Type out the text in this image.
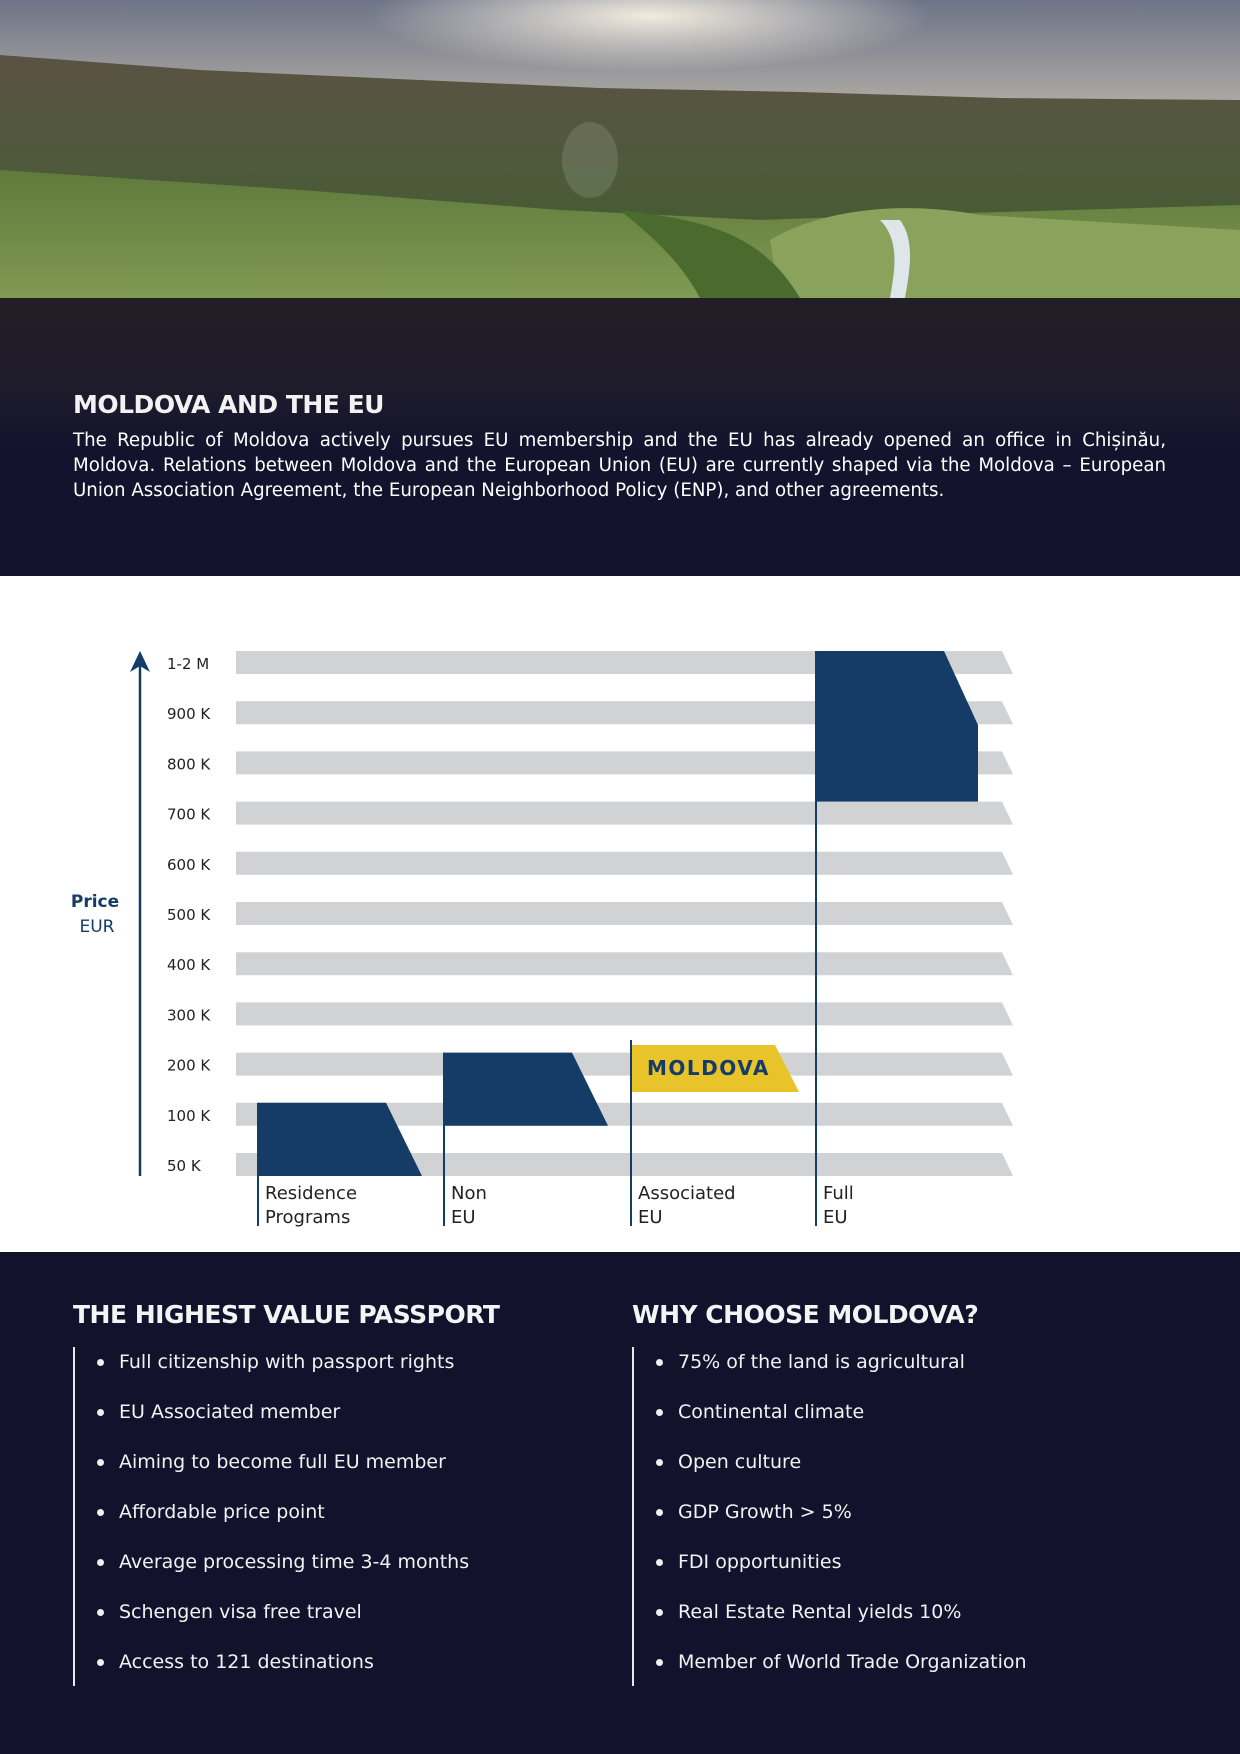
MOLDOVA AND THE EU

The Republic of Moldova actively pursues EU membership and the EU has already opened an office in Chișinău, Moldova. Relations between Moldova and the European Union (EU) are currently shaped via the Moldova – European Union Association Agreement, the European Neighborhood Policy (ENP), and other agreements.

Price
EUR
50 K
100 K
200 K
300 K
400 K
500 K
600 K
700 K
800 K
900 K
1-2 M
MOLDOVA
Residence
Programs
Non
EU
Associated
EU
Full
EU
THE HIGHEST VALUE PASSPORT
Full citizenship with passport rights
EU Associated member
Aiming to become full EU member
Affordable price point
Average processing time 3-4 months
Schengen visa free travel
Access to 121 destinations
WHY CHOOSE MOLDOVA?
75% of the land is agricultural
Continental climate
Open culture
GDP Growth > 5%
FDI opportunities
Real Estate Rental yields 10%
Member of World Trade Organization
